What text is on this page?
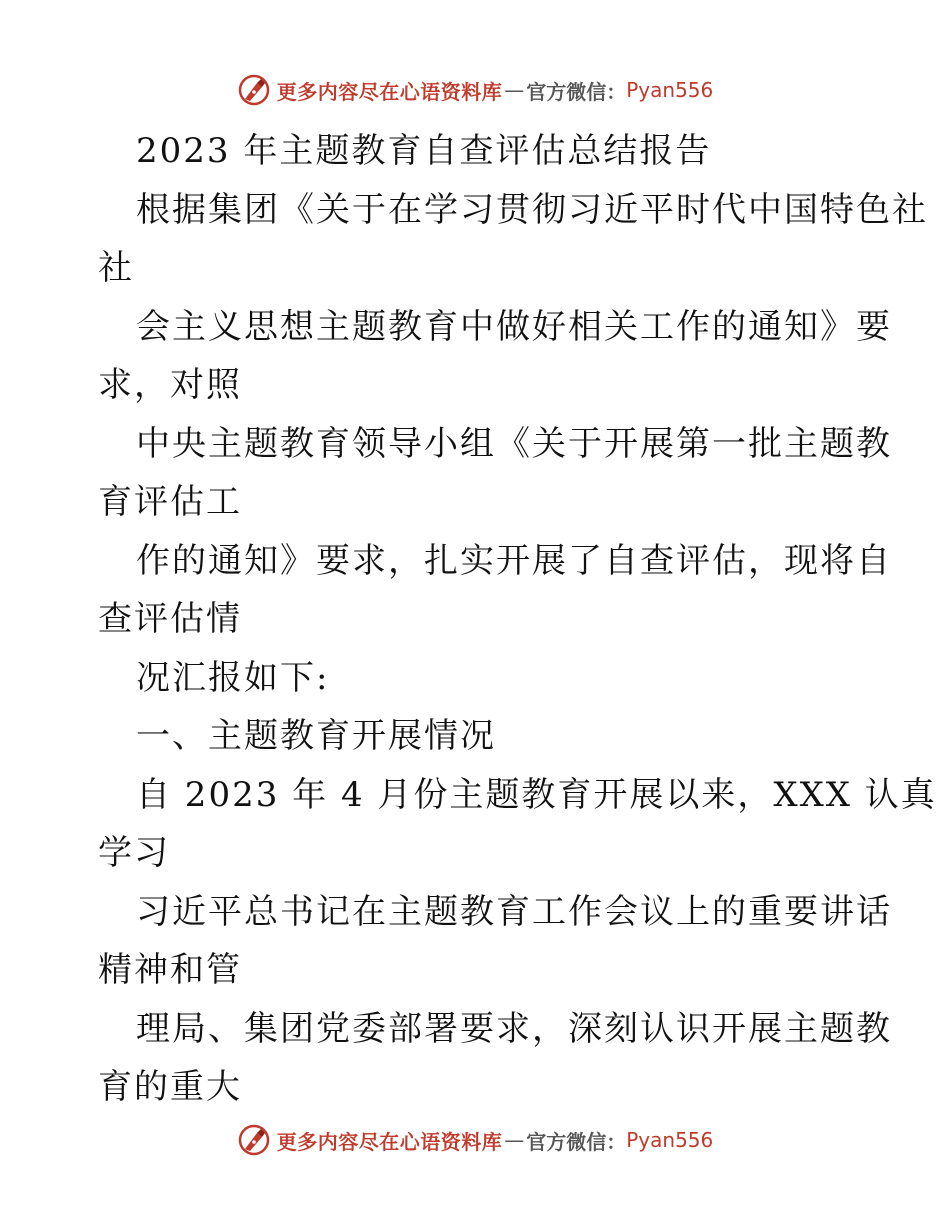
更多内容尽在心语资料库 — 官方微信： Pyan556
2023 年主题教育自查评估总结报告
根据集团《关于在学习贯彻习近平时代中国特色社
社
会主义思想主题教育中做好相关工作的通知》要
求，对照
中央主题教育领导小组《关于开展第一批主题教
育评估工
作的通知》要求，扎实开展了自查评估，现将自
查评估情
况汇报如下:
一、主题教育开展情况
自 2023 年 4 月份主题教育开展以来，XXX 认真
学习
习近平总书记在主题教育工作会议上的重要讲话
精神和管
理局、集团党委部署要求，深刻认识开展主题教
育的重大
更多内容尽在心语资料库 — 官方微信： Pyan556
